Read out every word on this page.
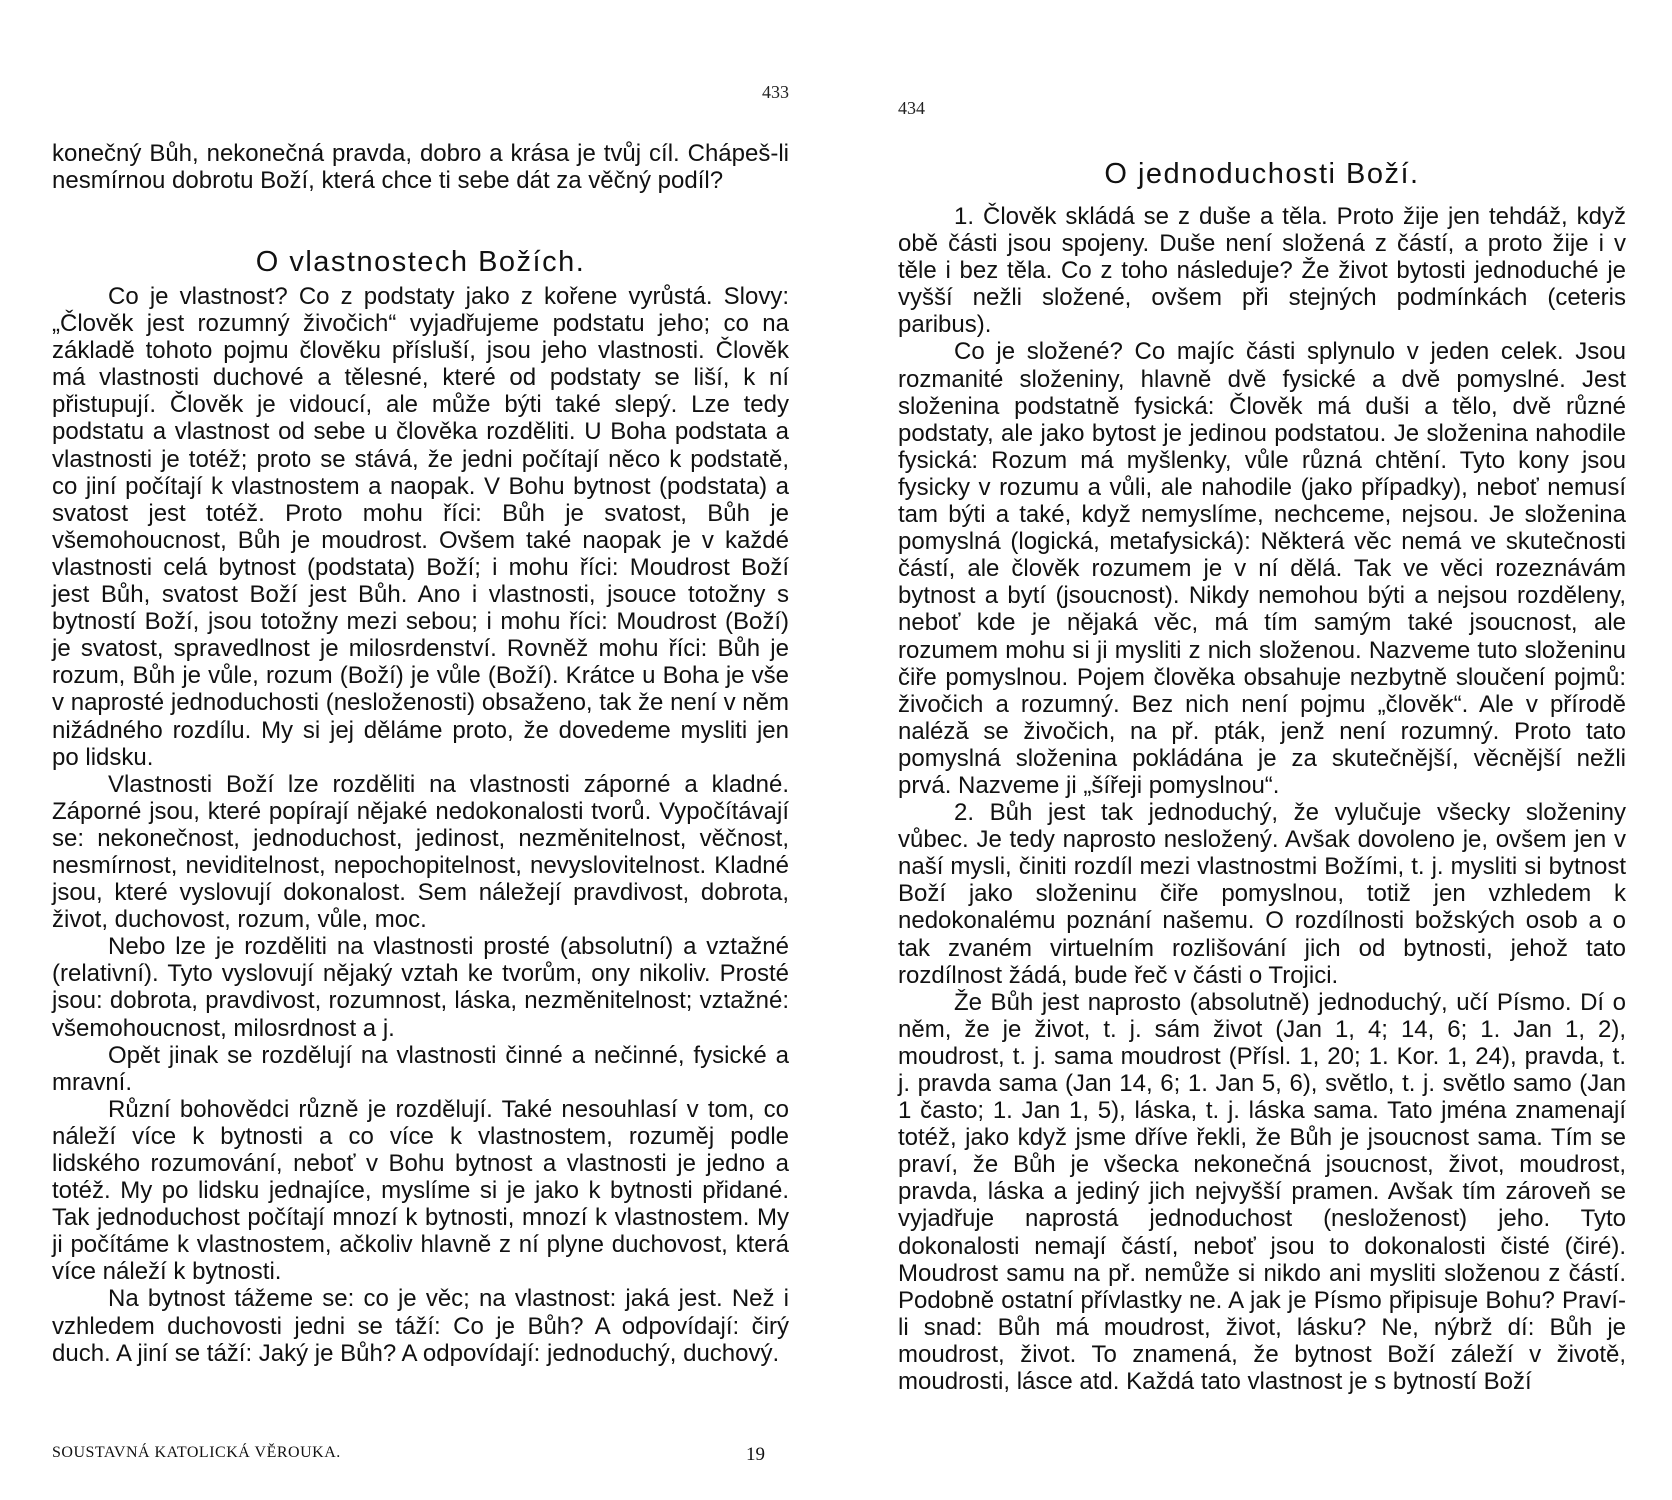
433

konečný Bůh, nekonečná pravda, dobro a krása je tvůj cíl. Chápeš-li nesmírnou dobrotu Boží, která chce ti sebe dát za věčný podíl?

O vlastnostech Božích.

Co je vlastnost? Co z podstaty jako z kořene vyrůstá. Slovy: „Člověk jest rozumný živočich“ vyjadřujeme podstatu jeho; co na základě tohoto pojmu člověku přísluší, jsou jeho vlastnosti. Člověk má vlastnosti duchové a tělesné, které od podstaty se liší, k ní přistupují. Člověk je vidoucí, ale může býti také slepý. Lze tedy podstatu a vlastnost od sebe u člověka rozděliti. U Boha podstata a vlastnosti je totéž; proto se stává, že jedni počítají něco k podstatě, co jiní počítají k vlastnostem a naopak. V Bohu bytnost (podstata) a svatost jest totéž. Proto mohu říci: Bůh je svatost, Bůh je všemohoucnost, Bůh je moudrost. Ovšem také naopak je v každé vlastnosti celá bytnost (podstata) Boží; i mohu říci: Moudrost Boží jest Bůh, svatost Boží jest Bůh. Ano i vlastnosti, jsouce totožny s bytností Boží, jsou totožny mezi sebou; i mohu říci: Moudrost (Boží) je svatost, spravedlnost je milosrdenství. Rovněž mohu říci: Bůh je rozum, Bůh je vůle, rozum (Boží) je vůle (Boží). Krátce u Boha je vše v naprosté jednoduchosti (nesloženosti) obsaženo, tak že není v něm nižádného rozdílu. My si jej děláme proto, že dovedeme mysliti jen po lidsku.

Vlastnosti Boží lze rozděliti na vlastnosti záporné a kladné. Záporné jsou, které popírají nějaké nedokonalosti tvorů. Vypočítávají se: nekonečnost, jednoduchost, jedinost, nezměnitelnost, věčnost, nesmírnost, neviditelnost, nepochopitelnost, nevyslovitelnost. Kladné jsou, které vyslovují dokonalost. Sem náležejí pravdivost, dobrota, život, duchovost, rozum, vůle, moc.

Nebo lze je rozděliti na vlastnosti prosté (absolutní) a vztažné (relativní). Tyto vyslovují nějaký vztah ke tvorům, ony nikoliv. Prosté jsou: dobrota, pravdivost, rozumnost, láska, nezměnitelnost; vztažné: všemohoucnost, milosrdnost a j.

Opět jinak se rozdělují na vlastnosti činné a nečinné, fysické a mravní.

Různí bohovědci různě je rozdělují. Také nesouhlasí v tom, co náleží více k bytnosti a co více k vlastnostem, rozuměj podle lidského rozumování, neboť v Bohu bytnost a vlastnosti je jedno a totéž. My po lidsku jednajíce, myslíme si je jako k bytnosti přidané. Tak jednoduchost počítají mnozí k bytnosti, mnozí k vlastnostem. My ji počítáme k vlastnostem, ačkoliv hlavně z ní plyne duchovost, která více náleží k bytnosti.

Na bytnost tážeme se: co je věc; na vlastnost: jaká jest. Než i vzhledem duchovosti jedni se táží: Co je Bůh? A odpovídají: čirý duch. A jiní se táží: Jaký je Bůh? A odpovídají: jednoduchý, duchový.

SOUSTAVNÁ KATOLICKÁ VĚROUKA.	19
434
O jednoduchosti Boží.

1. Člověk skládá se z duše a těla. Proto žije jen tehdáž, když obě části jsou spojeny. Duše není složená z částí, a proto žije i v těle i bez těla. Co z toho následuje? Že život bytosti jednoduché je vyšší nežli složené, ovšem při stejných podmínkách (ceteris paribus).

Co je složené? Co majíc části splynulo v jeden celek. Jsou rozmanité složeniny, hlavně dvě fysické a dvě pomyslné. Jest složenina podstatně fysická: Člověk má duši a tělo, dvě různé podstaty, ale jako bytost je jedinou podstatou. Je složenina nahodile fysická: Rozum má myšlenky, vůle různá chtění. Tyto kony jsou fysicky v rozumu a vůli, ale nahodile (jako případky), neboť nemusí tam býti a také, když nemyslíme, nechceme, nejsou. Je složenina pomyslná (logická, metafysická): Některá věc nemá ve skutečnosti částí, ale člověk rozumem je v ní dělá. Tak ve věci rozeznávám bytnost a bytí (jsoucnost). Nikdy nemohou býti a nejsou rozděleny, neboť kde je nějaká věc, má tím samým také jsoucnost, ale rozumem mohu si ji mysliti z nich složenou. Nazveme tuto složeninu čiře pomyslnou. Pojem člověka obsahuje nezbytně sloučení pojmů: živočich a rozumný. Bez nich není pojmu „člověk“. Ale v přírodě naléză se živočich, na př. pták, jenž není rozumný. Proto tato pomyslná složenina pokládána je za skutečnější, věcnější nežli prvá. Nazveme ji „šířeji pomyslnou“.

2. Bůh jest tak jednoduchý, že vylučuje všecky složeniny vůbec. Je tedy naprosto nesložený. Avšak dovoleno je, ovšem jen v naší mysli, činiti rozdíl mezi vlastnostmi Božími, t. j. mysliti si bytnost Boží jako složeninu čiře pomyslnou, totiž jen vzhledem k nedokonalému poznání našemu. O rozdílnosti božských osob a o tak zvaném virtuelním rozlišování jich od bytnosti, jehož tato rozdílnost žádá, bude řeč v části o Trojici.

Že Bůh jest naprosto (absolutně) jednoduchý, učí Písmo. Dí o něm, že je život, t. j. sám život (Jan 1, 4; 14, 6; 1. Jan 1, 2), moudrost, t. j. sama moudrost (Přísl. 1, 20; 1. Kor. 1, 24), pravda, t. j. pravda sama (Jan 14, 6; 1. Jan 5, 6), světlo, t. j. světlo samo (Jan 1 často; 1. Jan 1, 5), láska, t. j. láska sama. Tato jména znamenají totéž, jako když jsme dříve řekli, že Bůh je jsoucnost sama. Tím se praví, že Bůh je všecka nekonečná jsoucnost, život, moudrost, pravda, láska a jediný jich nejvyšší pramen. Avšak tím zároveň se vyjadřuje naprostá jednoduchost (nesloženost) jeho. Tyto dokonalosti nemají částí, neboť jsou to dokonalosti čisté (čiré). Moudrost samu na př. nemůže si nikdo ani mysliti složenou z částí. Podobně ostatní přívlastky ne. A jak je Písmo připisuje Bohu? Praví-li snad: Bůh má moudrost, život, lásku? Ne, nýbrž dí: Bůh je moudrost, život. To znamená, že bytnost Boží záleží v životě, moudrosti, lásce atd. Každá tato vlastnost je s bytností Boží
